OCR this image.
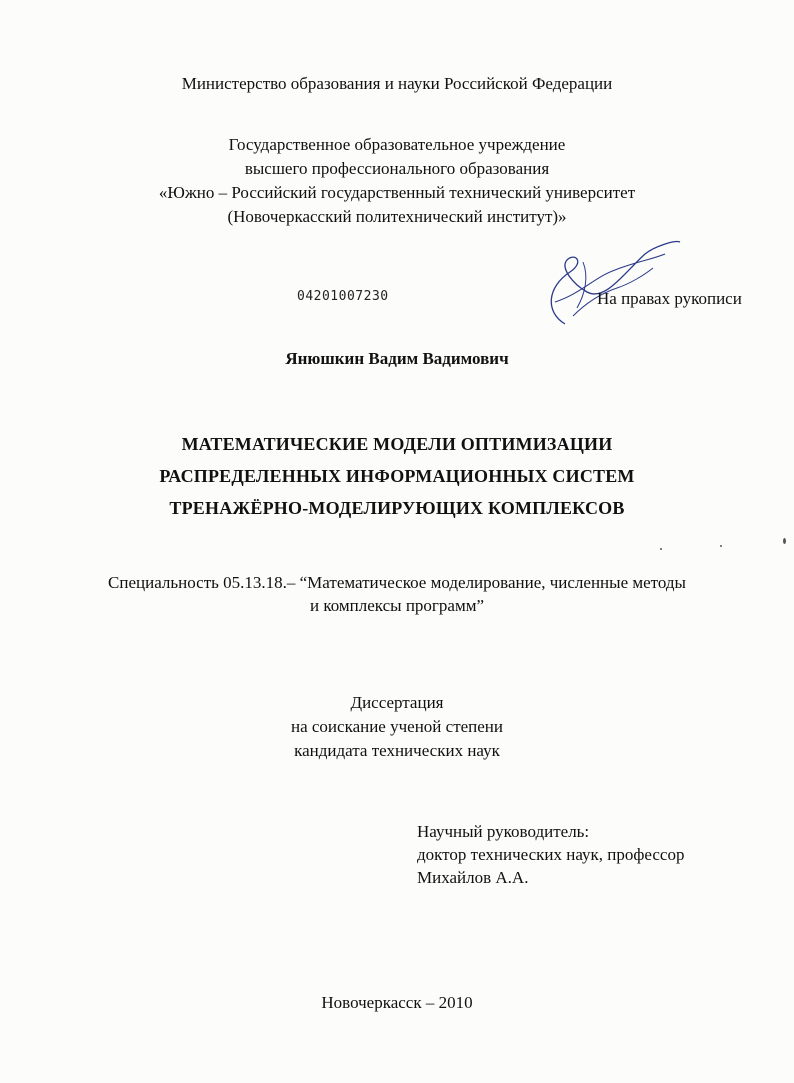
Министерство образования и науки Российской Федерации
Государственное образовательное учреждение
высшего профессионального образования
«Южно – Российский государственный технический университет
(Новочеркасский политехнический институт)»
04201007230	На правах рукописи
Янюшкин Вадим Вадимович
МАТЕМАТИЧЕСКИЕ МОДЕЛИ ОПТИМИЗАЦИИ
РАСПРЕДЕЛЕННЫХ ИНФОРМАЦИОННЫХ СИСТЕМ
ТРЕНАЖЁРНО-МОДЕЛИРУЮЩИХ КОМПЛЕКСОВ
Специальность 05.13.18.– “Математическое моделирование, численные методы
и комплексы программ”
Диссертация
на соискание ученой степени
кандидата технических наук
Научный руководитель:
доктор технических наук, профессор
Михайлов А.А.
Новочеркасск – 2010
